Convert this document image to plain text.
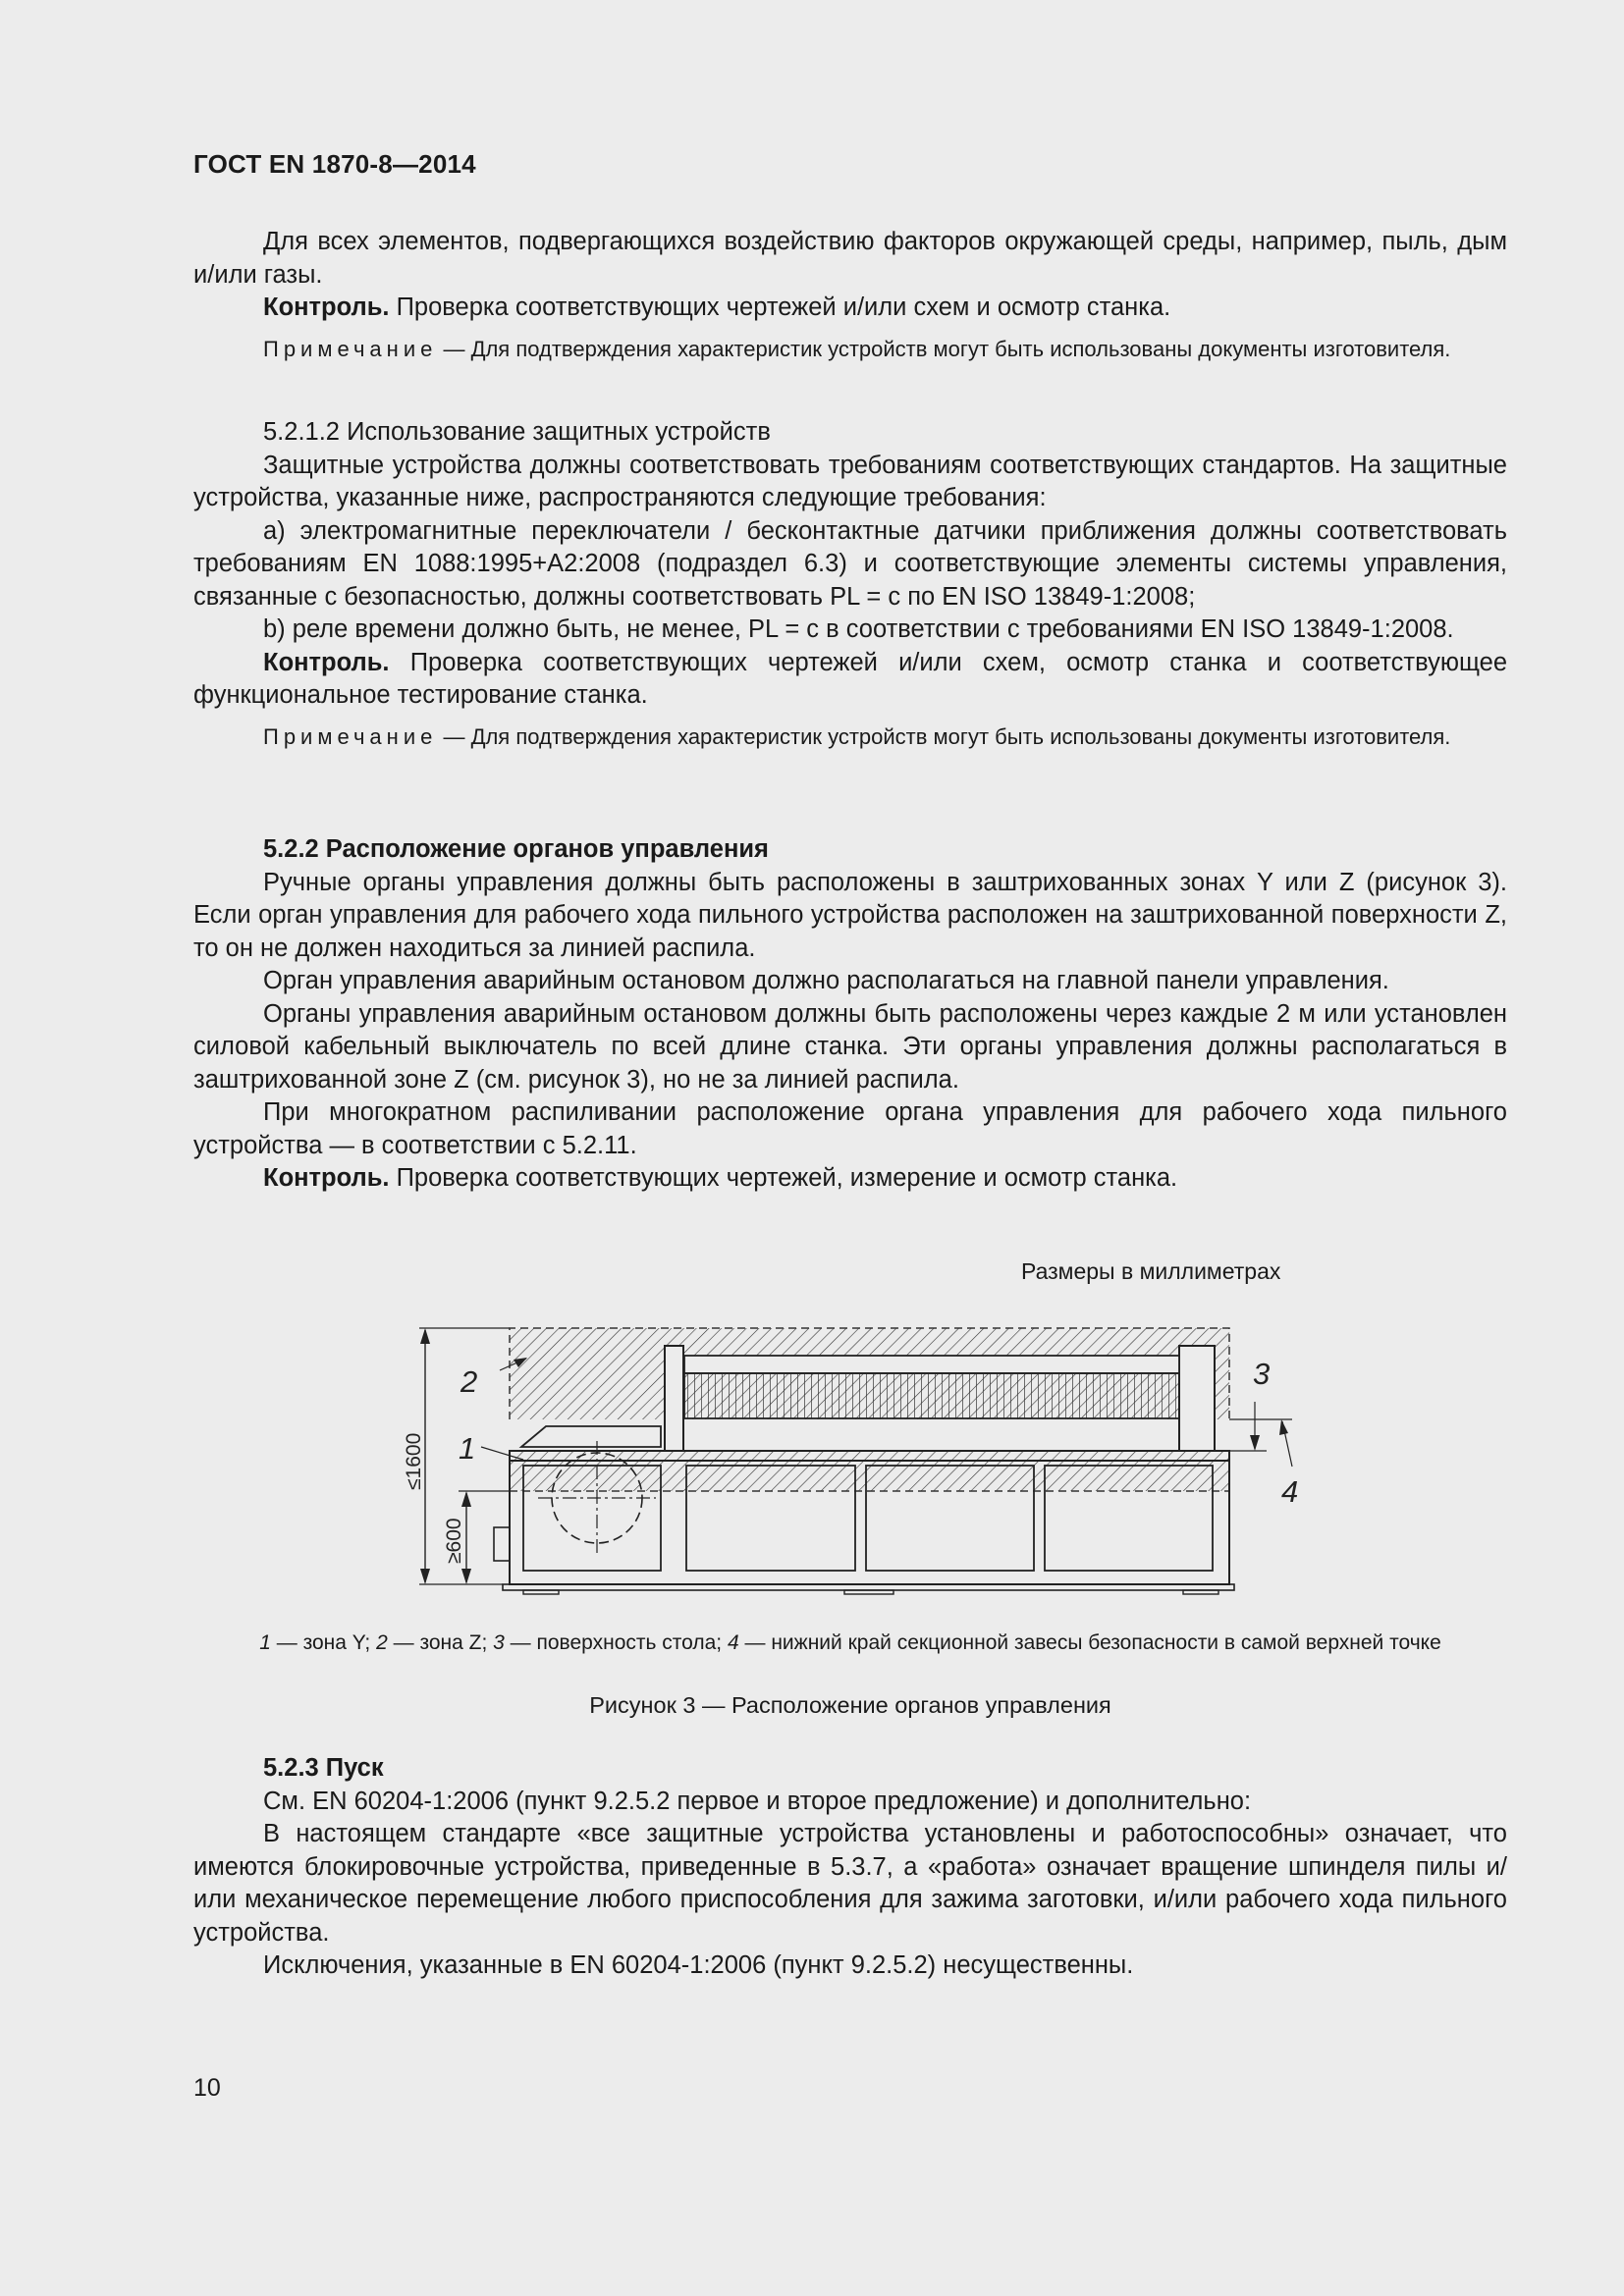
ГОСТ EN 1870-8—2014

Для всех элементов, подвергающихся воздействию факторов окружающей среды, например, пыль, дым и/или газы.

Контроль. Проверка соответствующих чертежей и/или схем и осмотр станка.

Примечание — Для подтверждения характеристик устройств могут быть использованы документы изготовителя.

5.2.1.2 Использование защитных устройств

Защитные устройства должны соответствовать требованиям соответствующих стандартов. На защитные устройства, указанные ниже, распространяются следующие требования:

a) электромагнитные переключатели / бесконтактные датчики приближения должны соответствовать требованиям EN 1088:1995+А2:2008 (подраздел 6.3) и соответствующие элементы системы управления, связанные с безопасностью, должны соответствовать PL = с по EN ISO 13849-1:2008;

b) реле времени должно быть, не менее, PL = с в соответствии с требованиями EN ISO 13849-1:2008.

Контроль. Проверка соответствующих чертежей и/или схем, осмотр станка и соответствующее функциональное тестирование станка.

Примечание — Для подтверждения характеристик устройств могут быть использованы документы изготовителя.

5.2.2 Расположение органов управления

Ручные органы управления должны быть расположены в заштрихованных зонах Y или Z (рисунок 3). Если орган управления для рабочего хода пильного устройства расположен на заштрихованной поверхности Z, то он не должен находиться за линией распила.

Орган управления аварийным остановом должно располагаться на главной панели управления.

Органы управления аварийным остановом должны быть расположены через каждые 2 м или установлен силовой кабельный выключатель по всей длине станка. Эти органы управления должны располагаться в заштрихованной зоне Z (см. рисунок 3), но не за линией распила.

При многократном распиливании расположение органа управления для рабочего хода пильного устройства — в соответствии с 5.2.11.

Контроль. Проверка соответствующих чертежей, измерение и осмотр станка.

Размеры в миллиметрах
1
2	3
4
≤1600
≥600
1 — зона Y; 2 — зона Z; 3 — поверхность стола; 4 — нижний край секционной завесы безопасности в самой верхней точке
Рисунок 3 — Расположение органов управления

5.2.3 Пуск

См. EN 60204-1:2006 (пункт 9.2.5.2 первое и второе предложение) и дополнительно:

В настоящем стандарте «все защитные устройства установлены и работоспособны» означает, что имеются блокировочные устройства, приведенные в 5.3.7, а «работа» означает вращение шпинделя пилы и/или механическое перемещение любого приспособления для зажима заготовки, и/или рабочего хода пильного устройства.

Исключения, указанные в EN 60204-1:2006 (пункт 9.2.5.2) несущественны.

10
